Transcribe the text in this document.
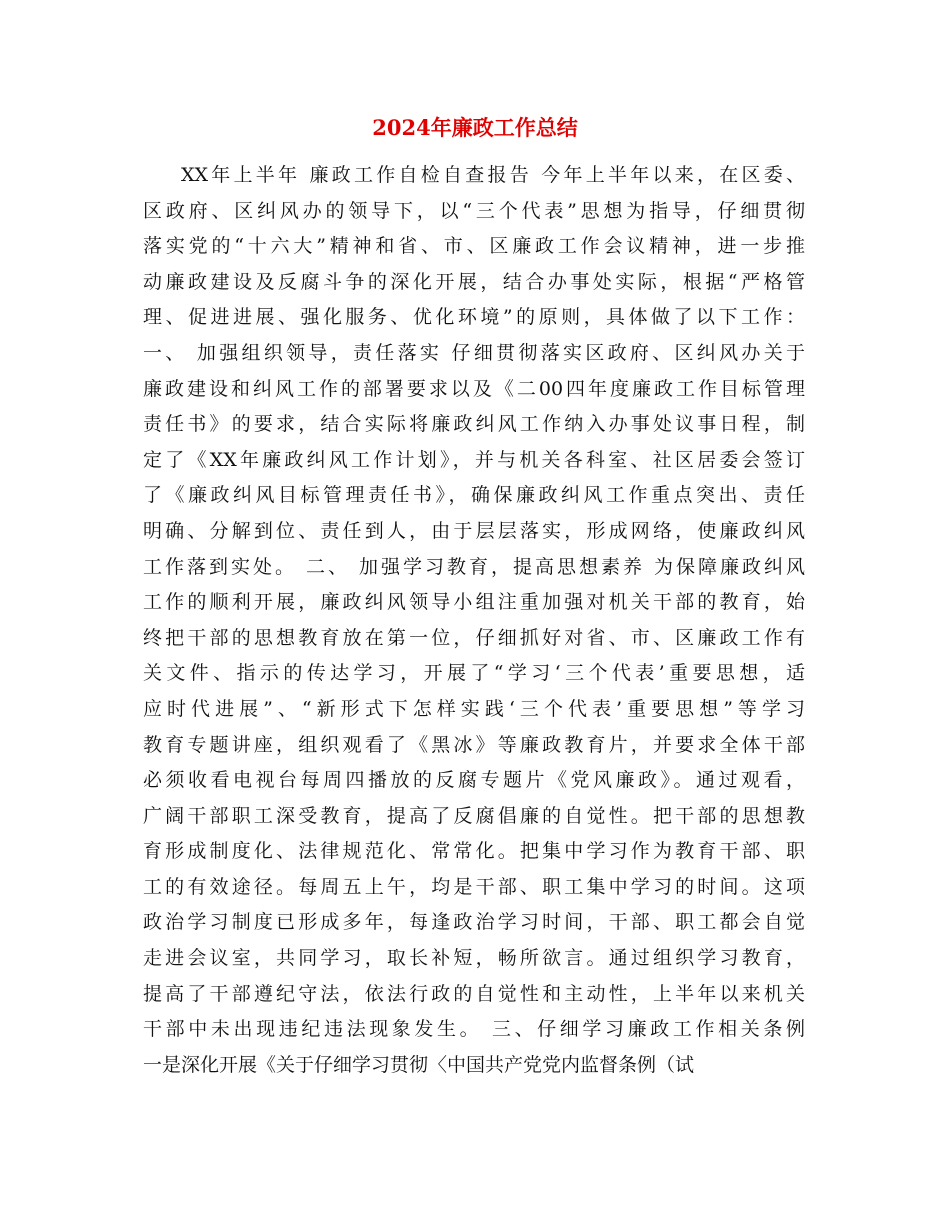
2024年廉政工作总结
XX年上半年 廉政工作自检自查报告 今年上半年以来，在区委、
区政府、区纠风办的领导下，以“三个代表”思想为指导，仔细贯彻
落实党的“十六大”精神和省、市、区廉政工作会议精神，进一步推
动廉政建设及反腐斗争的深化开展，结合办事处实际，根据“严格管
理、促进进展、强化服务、优化环境”的原则，具体做了以下工作：
一、 加强组织领导，责任落实 仔细贯彻落实区政府、区纠风办关于
廉政建设和纠风工作的部署要求以及《二00四年度廉政工作目标管理
责任书》的要求，结合实际将廉政纠风工作纳入办事处议事日程，制
定了《XX年廉政纠风工作计划》，并与机关各科室、社区居委会签订
了《廉政纠风目标管理责任书》，确保廉政纠风工作重点突出、责任
明确、分解到位、责任到人，由于层层落实，形成网络，使廉政纠风
工作落到实处。 二、 加强学习教育，提高思想素养 为保障廉政纠风
工作的顺利开展，廉政纠风领导小组注重加强对机关干部的教育，始
终把干部的思想教育放在第一位，仔细抓好对省、市、区廉政工作有
关文件、指示的传达学习，开展了“学习‘三个代表’重要思想，适
应时代进展”、“新形式下怎样实践‘三个代表’重要思想”等学习
教育专题讲座，组织观看了《黑冰》等廉政教育片，并要求全体干部
必须收看电视台每周四播放的反腐专题片《党风廉政》。通过观看，
广阔干部职工深受教育，提高了反腐倡廉的自觉性。把干部的思想教
育形成制度化、法律规范化、常常化。把集中学习作为教育干部、职
工的有效途径。每周五上午，均是干部、职工集中学习的时间。这项
政治学习制度已形成多年，每逢政治学习时间，干部、职工都会自觉
走进会议室，共同学习，取长补短，畅所欲言。通过组织学习教育，
提高了干部遵纪守法，依法行政的自觉性和主动性，上半年以来机关
干部中未出现违纪违法现象发生。 三、仔细学习廉政工作相关条例
一是深化开展《关于仔细学习贯彻〈中国共产党党内监督条例（试
